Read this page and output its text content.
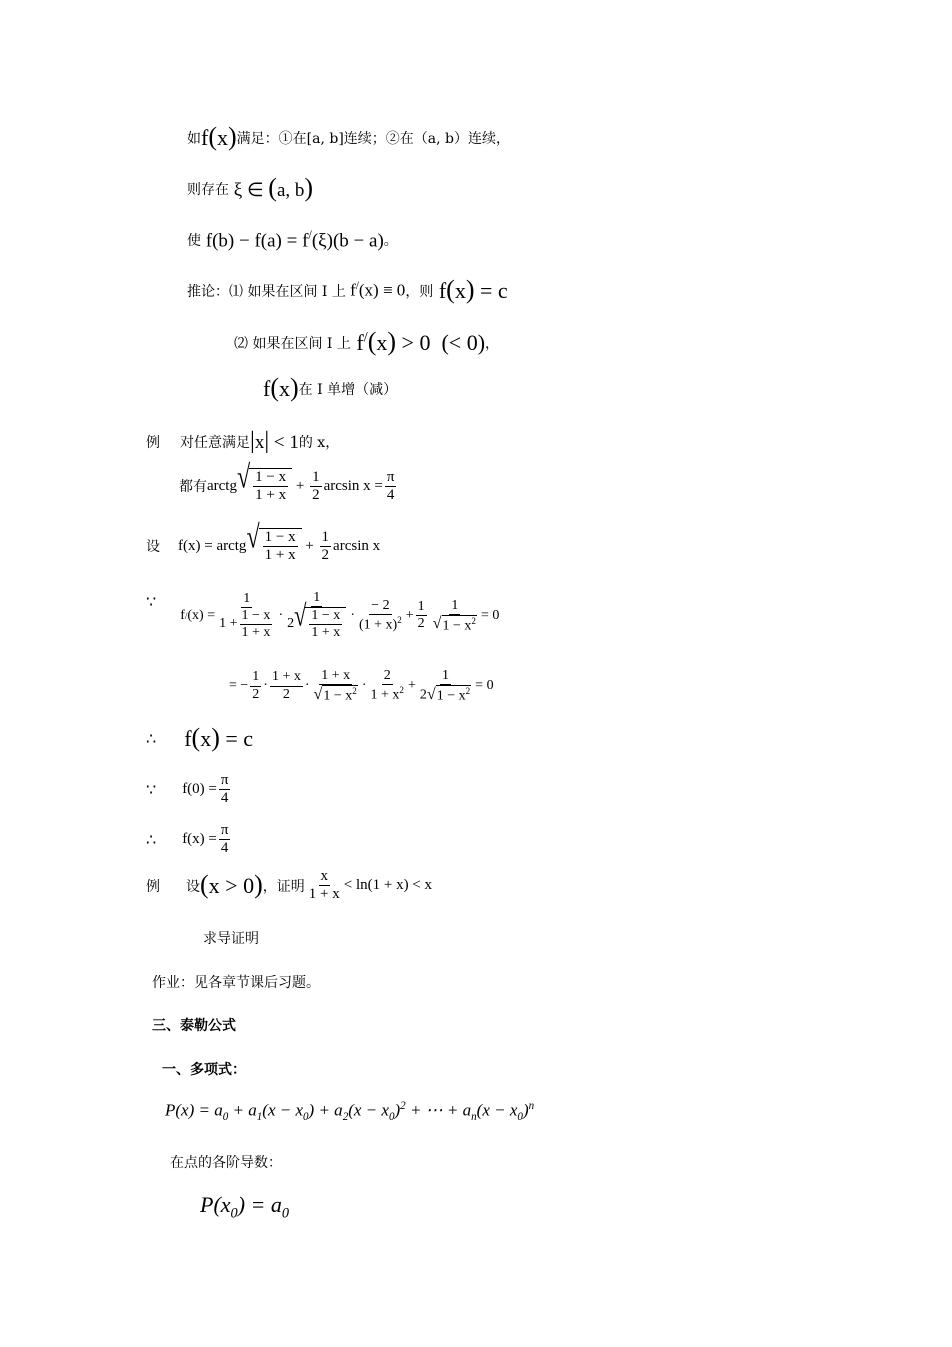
如 f(x) 满足：①在[a, b]连续；②在（a, b）连续，
则存在 ξ ∈ (a, b)
使 f(b) − f(a) = f/(ξ)(b − a) 。
推论：⑴ 如果在区间 I 上 f/(x) ≡ 0 ，则 f(x) = c
⑵ 如果在区间 I 上 f/(x) > 0  (< 0) ，
f(x) 在 I 单增（减）
例 对任意满足 |x| < 1 的 x，
都有 arctg √ $\frac{1 - x}{1 + x} + \frac{1}{2}$ $\arcsin x = \frac{\pi}{4}$
设 f(x) = arctg √ $\frac{1 - x}{1 + x} + \frac{1}{2}$ arcsin x
∵
$f / (x) = \frac{1}{1 + \frac{1 - x}{1 + x}} \cdot \frac{1}{2 √ \frac{1 - x}{1 + x}} \cdot \frac{- 2}{(1 + x)^2} + \frac{1}{2} \frac{1}{√ 1 - x^2} = 0$
= − $\frac{1}{2} \cdot \frac{1 + x}{2} \cdot \frac{1 + x}{√ 1 - x^2} \cdot \frac{2}{1 + x^2} + \frac{1}{2 √ 1 - x^2} = 0$
∴ f(x) = c
∵ $f(0) = \frac{\pi}{4}$
∴ $f(x) = \frac{\pi}{4}$
例 设 (x > 0) ，证明 $\frac{x}{1 + x} < \ln(1 + x) < x$
求导证明
作业：见各章节课后习题。
三、泰勒公式
一、多项式：
$P(x) = a_0 + a_1(x - x_0) + a_2(x - x_0)^2$ + ⋯ + $a_n(x - x_0)^n$
在点的各阶导数：
$P(x_0) = a_0$
